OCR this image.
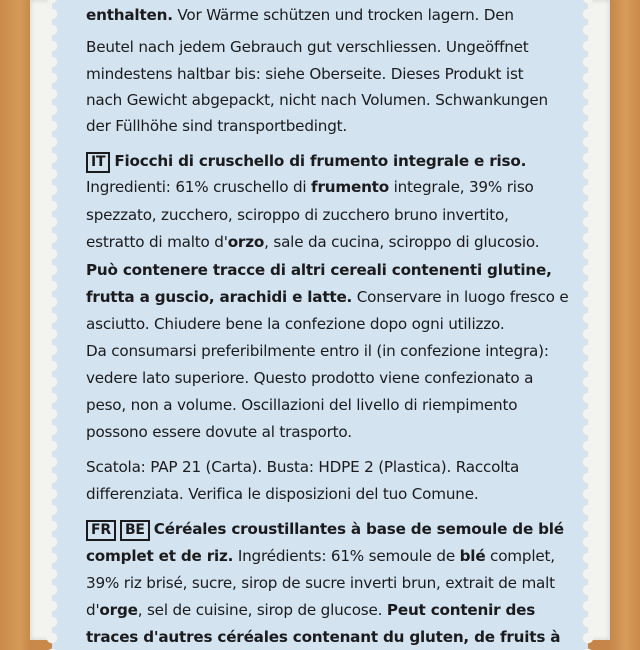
enthalten. Vor Wärme schützen und trocken lagern. Den
Beutel nach jedem Gebrauch gut verschliessen. Ungeöffnet
mindestens haltbar bis: siehe Oberseite. Dieses Produkt ist
nach Gewicht abgepackt, nicht nach Volumen. Schwankungen
der Füllhöhe sind transportbedingt.
IT Fiocchi di cruschello di frumento integrale e riso.
Ingredienti: 61% cruschello di frumento integrale, 39% riso
spezzato, zucchero, sciroppo di zucchero bruno invertito,
estratto di malto d'orzo, sale da cucina, sciroppo di glucosio.
Può contenere tracce di altri cereali contenenti glutine,
frutta a guscio, arachidi e latte. Conservare in luogo fresco e
asciutto. Chiudere bene la confezione dopo ogni utilizzo.
Da consumarsi preferibilmente entro il (in confezione integra):
vedere lato superiore. Questo prodotto viene confezionato a
peso, non a volume. Oscillazioni del livello di riempimento
possono essere dovute al trasporto.
Scatola: PAP 21 (Carta). Busta: HDPE 2 (Plastica). Raccolta
differenziata. Verifica le disposizioni del tuo Comune.
FR BE Céréales croustillantes à base de semoule de blé
complet et de riz. Ingrédients: 61% semoule de blé complet,
39% riz brisé, sucre, sirop de sucre inverti brun, extrait de malt
d'orge, sel de cuisine, sirop de glucose. Peut contenir des
traces d'autres céréales contenant du gluten, de fruits à
